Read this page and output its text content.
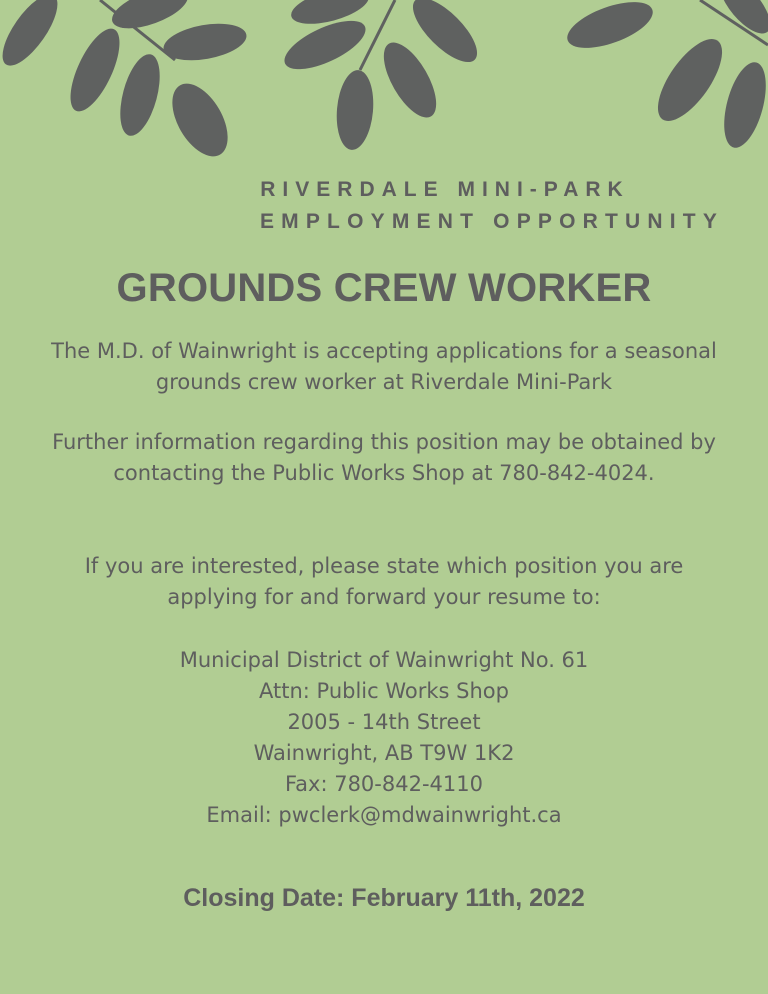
RIVERDALE MINI-PARK
EMPLOYMENT OPPORTUNITY
GROUNDS CREW WORKER
The M.D. of Wainwright is accepting applications for a seasonal grounds crew worker at Riverdale Mini-Park
Further information regarding this position may be obtained by contacting the Public Works Shop at 780-842-4024.
If you are interested, please state which position you are applying for and forward your resume to:
Municipal District of Wainwright No. 61
Attn: Public Works Shop
2005 - 14th Street
Wainwright, AB T9W 1K2
Fax: 780-842-4110
Email: pwclerk@mdwainwright.ca
Closing Date: February 11th, 2022
